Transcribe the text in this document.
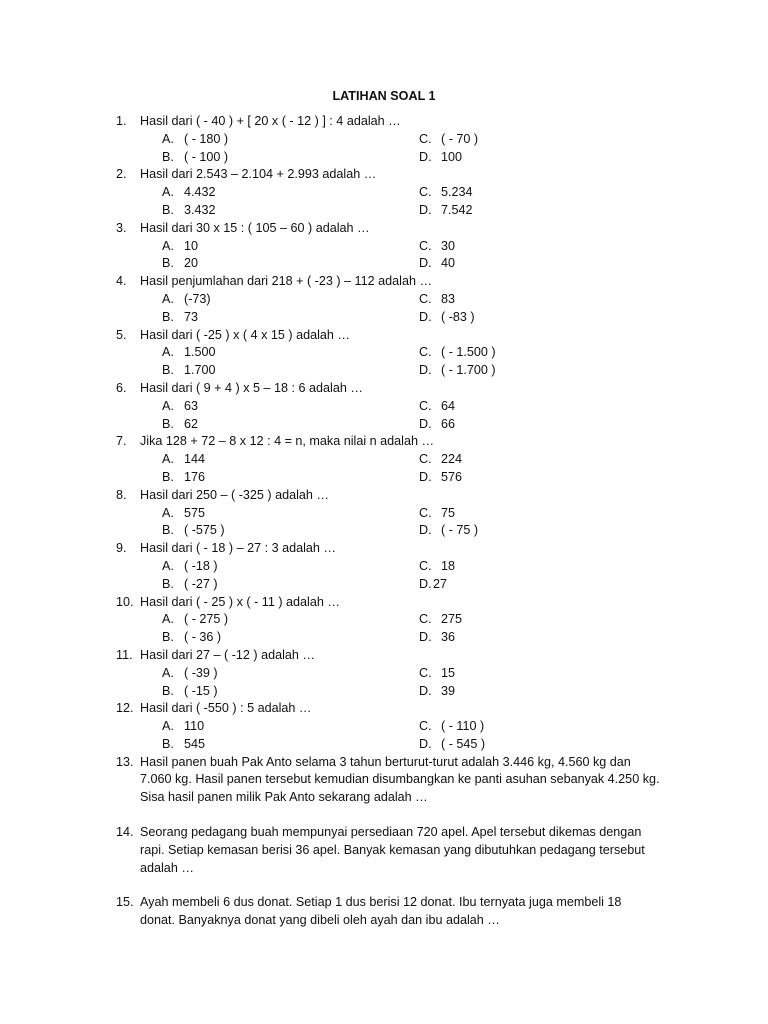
LATIHAN SOAL 1
1. Hasil dari ( - 40 ) + [ 20 x ( - 12 ) ] : 4 adalah …
A. ( - 180 )	C. ( - 70 )
B. ( - 100 )	D. 100
2. Hasil dari 2.543 – 2.104 + 2.993 adalah …
A. 4.432	C. 5.234
B. 3.432	D. 7.542
3. Hasil dari 30 x 15 : ( 105 – 60 ) adalah …
A. 10	C. 30
B. 20	D. 40
4. Hasil penjumlahan dari 218 + ( -23 ) – 112 adalah …
A. (-73)	C. 83
B. 73	D. ( -83 )
5. Hasil dari ( -25 ) x ( 4 x 15 ) adalah …
A. 1.500	C. ( - 1.500 )
B. 1.700	D. ( - 1.700 )
6. Hasil dari ( 9 + 4 ) x 5 – 18 : 6 adalah …
A. 63	C. 64
B. 62	D. 66
7. Jika 128 + 72 – 8 x 12 : 4 = n, maka nilai n adalah …
A. 144	C. 224
B. 176	D. 576
8. Hasil dari 250 – ( -325 ) adalah …
A. 575	C. 75
B. ( -575 )	D. ( - 75 )
9. Hasil dari ( - 18 ) – 27 : 3 adalah …
A. ( -18 )	C. 18
B. ( -27 )	D. 27
10. Hasil dari ( - 25 ) x ( - 11 ) adalah …
A. ( - 275 )	C. 275
B. ( - 36 )	D. 36
11. Hasil dari 27 – ( -12 ) adalah …
A. ( -39 )	C. 15
B. ( -15 )	D. 39
12. Hasil dari ( -550 ) : 5 adalah …
A. 110	C. ( - 110 )
B. 545	D. ( - 545 )
13. Hasil panen buah Pak Anto selama 3 tahun berturut-turut adalah 3.446 kg, 4.560 kg dan
7.060 kg. Hasil panen tersebut kemudian disumbangkan ke panti asuhan sebanyak 4.250 kg.
Sisa hasil panen milik Pak Anto sekarang adalah …
14. Seorang pedagang buah mempunyai persediaan 720 apel. Apel tersebut dikemas dengan
rapi. Setiap kemasan berisi 36 apel. Banyak kemasan yang dibutuhkan pedagang tersebut
adalah …
15. Ayah membeli 6 dus donat. Setiap 1 dus berisi 12 donat. Ibu ternyata juga membeli 18
donat. Banyaknya donat yang dibeli oleh ayah dan ibu adalah …
